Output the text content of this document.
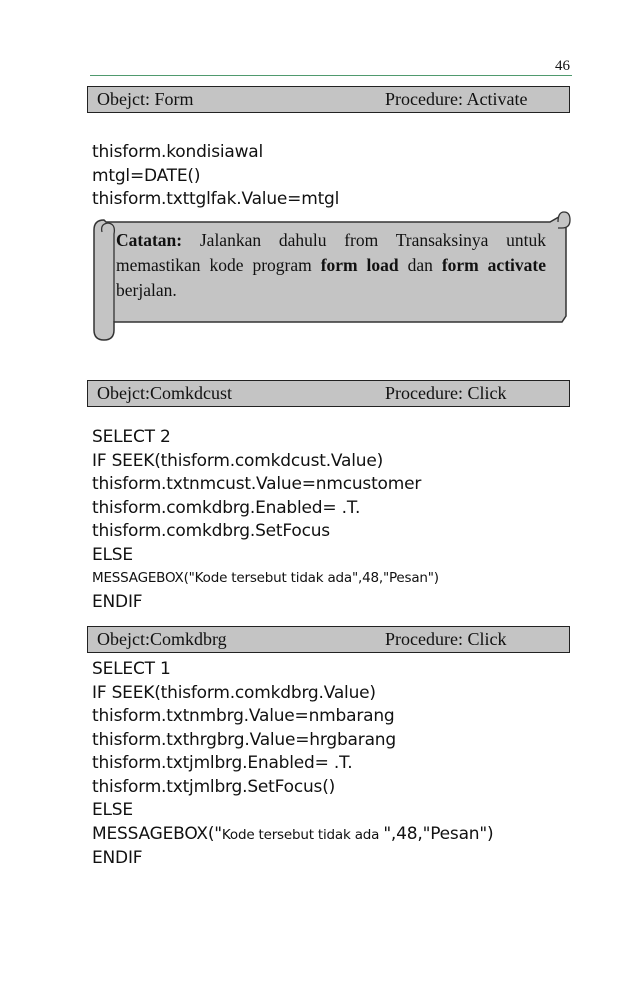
46
Obejct: Form	Procedure: Activate
thisform.kondisiawal
mtgl=DATE()
thisform.txttglfak.Value=mtgl
Catatan: Jalankan dahulu from Transaksinya untuk memastikan kode program form load dan form activate berjalan.
Obejct:Comkdcust	Procedure: Click
SELECT 2
IF SEEK(thisform.comkdcust.Value)
thisform.txtnmcust.Value=nmcustomer
thisform.comkdbrg.Enabled= .T.
thisform.comkdbrg.SetFocus
ELSE
MESSAGEBOX("Kode tersebut tidak ada",48,"Pesan")
ENDIF
Obejct:Comkdbrg	Procedure: Click
SELECT 1
IF SEEK(thisform.comkdbrg.Value)
thisform.txtnmbrg.Value=nmbarang
thisform.txthrgbrg.Value=hrgbarang
thisform.txtjmlbrg.Enabled= .T.
thisform.txtjmlbrg.SetFocus()
ELSE
MESSAGEBOX("Kode tersebut tidak ada ",48,"Pesan")
ENDIF
